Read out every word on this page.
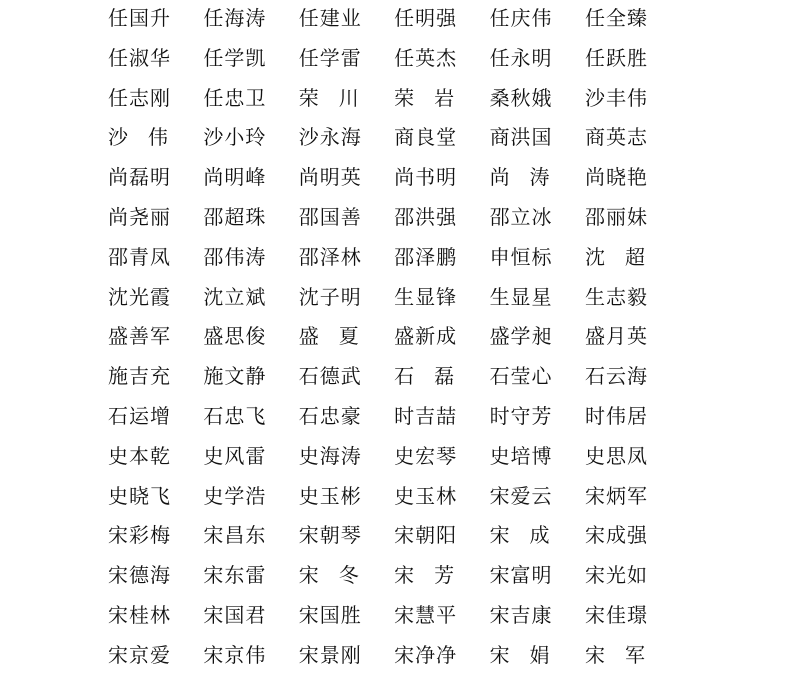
任国升	任海涛	任建业	任明强	任庆伟	任全臻
任淑华	任学凯	任学雷	任英杰	任永明	任跃胜
任志刚	任忠卫	荣　川	荣　岩	桑秋娥	沙丰伟
沙　伟	沙小玲	沙永海	商良堂	商洪国	商英志
尚磊明	尚明峰	尚明英	尚书明	尚　涛	尚晓艳
尚尧丽	邵超珠	邵国善	邵洪强	邵立冰	邵丽妹
邵青凤	邵伟涛	邵泽林	邵泽鹏	申恒标	沈　超
沈光霞	沈立斌	沈子明	生显锋	生显星	生志毅
盛善军	盛思俊	盛　夏	盛新成	盛学昶	盛月英
施吉充	施文静	石德武	石　磊	石莹心	石云海
石运增	石忠飞	石忠豪	时吉喆	时守芳	时伟居
史本乾	史风雷	史海涛	史宏琴	史培博	史思凤
史晓飞	史学浩	史玉彬	史玉林	宋爱云	宋炳军
宋彩梅	宋昌东	宋朝琴	宋朝阳	宋　成	宋成强
宋德海	宋东雷	宋　冬	宋　芳	宋富明	宋光如
宋桂林	宋国君	宋国胜	宋慧平	宋吉康	宋佳璟
宋京爱	宋京伟	宋景刚	宋净净	宋　娟	宋　军
